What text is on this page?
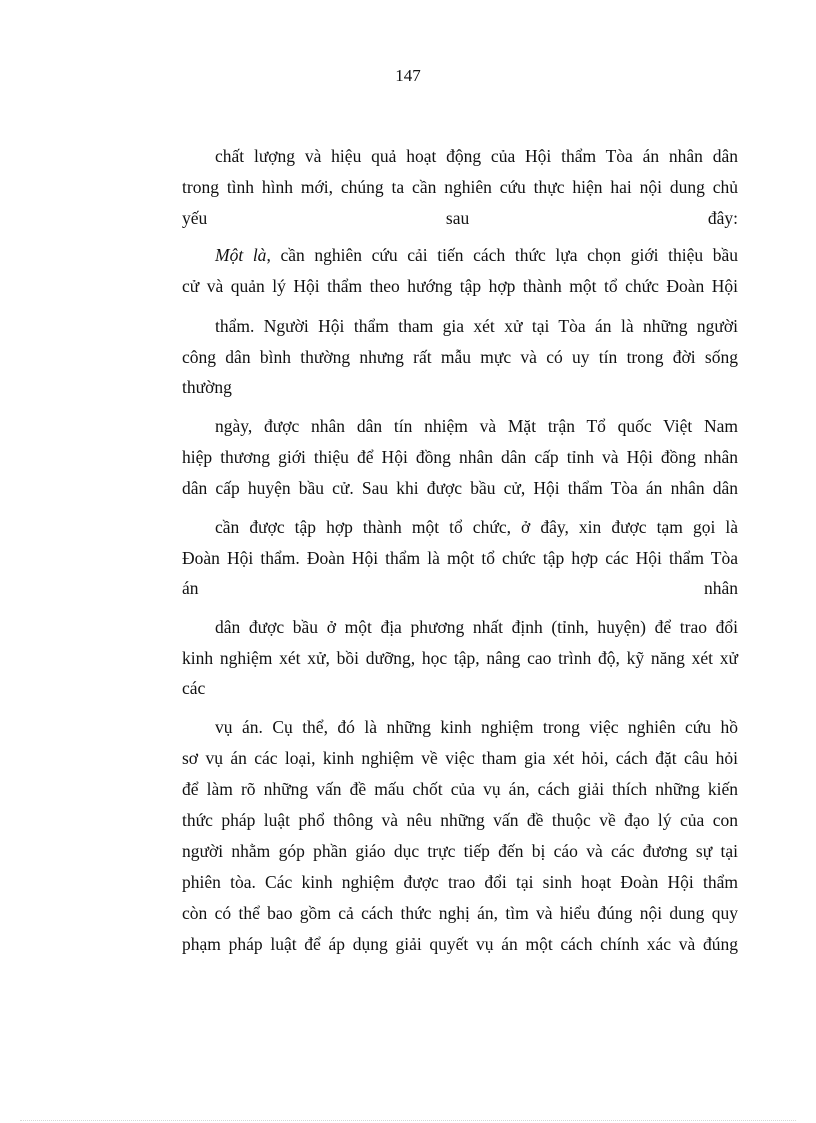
147
chất lượng và hiệu quả hoạt động của Hội thẩm Tòa án nhân dân
trong tình hình mới, chúng ta cần nghiên cứu thực hiện hai nội dung chủ
yếu sau đây:
Một là, cần nghiên cứu cải tiến cách thức lựa chọn giới thiệu bầu
cử và quản lý Hội thẩm theo hướng tập hợp thành một tổ chức Đoàn Hội
thẩm. Người Hội thẩm tham gia xét xử tại Tòa án là những người
công dân bình thường nhưng rất mẫu mực và có uy tín trong đời sống
thường
ngày, được nhân dân tín nhiệm và Mặt trận Tổ quốc Việt Nam
hiệp thương giới thiệu để Hội đồng nhân dân cấp tỉnh và Hội đồng nhân
dân cấp huyện bầu cử. Sau khi được bầu cử, Hội thẩm Tòa án nhân dân
cần được tập hợp thành một tổ chức, ở đây, xin được tạm gọi là
Đoàn Hội thẩm. Đoàn Hội thẩm là một tổ chức tập hợp các Hội thẩm Tòa
án nhân
dân được bầu ở một địa phương nhất định (tỉnh, huyện) để trao đổi
kinh nghiệm xét xử, bồi dưỡng, học tập, nâng cao trình độ, kỹ năng xét xử
các
vụ án. Cụ thể, đó là những kinh nghiệm trong việc nghiên cứu hồ
sơ vụ án các loại, kinh nghiệm về việc tham gia xét hỏi, cách đặt câu hỏi
để làm rõ những vấn đề mấu chốt của vụ án, cách giải thích những kiến
thức pháp luật phổ thông và nêu những vấn đề thuộc về đạo lý của con
người nhằm góp phần giáo dục trực tiếp đến bị cáo và các đương sự tại
phiên tòa. Các kinh nghiệm được trao đổi tại sinh hoạt Đoàn Hội thẩm
còn có thể bao gồm cả cách thức nghị án, tìm và hiểu đúng nội dung quy
phạm pháp luật để áp dụng giải quyết vụ án một cách chính xác và đúng
